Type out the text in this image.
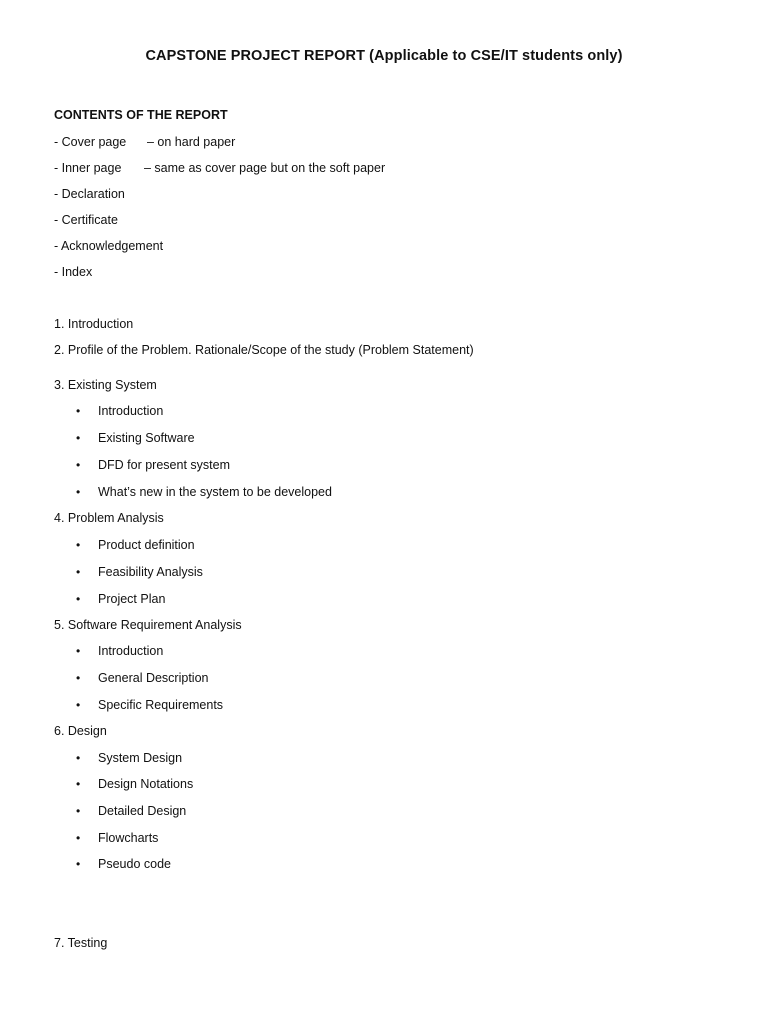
CAPSTONE PROJECT REPORT (Applicable to CSE/IT students only)
CONTENTS OF THE REPORT
- Cover page – on hard paper
- Inner page – same as cover page but on the soft paper
- Declaration
- Certificate
- Acknowledgement
- Index
1. Introduction
2. Profile of the Problem. Rationale/Scope of the study (Problem Statement)
3. Existing System
• Introduction
• Existing Software
• DFD for present system
• What’s new in the system to be developed
4. Problem Analysis
• Product definition
• Feasibility Analysis
• Project Plan
5. Software Requirement Analysis
• Introduction
• General Description
• Specific Requirements
6. Design
• System Design
• Design Notations
• Detailed Design
• Flowcharts
• Pseudo code
7. Testing
